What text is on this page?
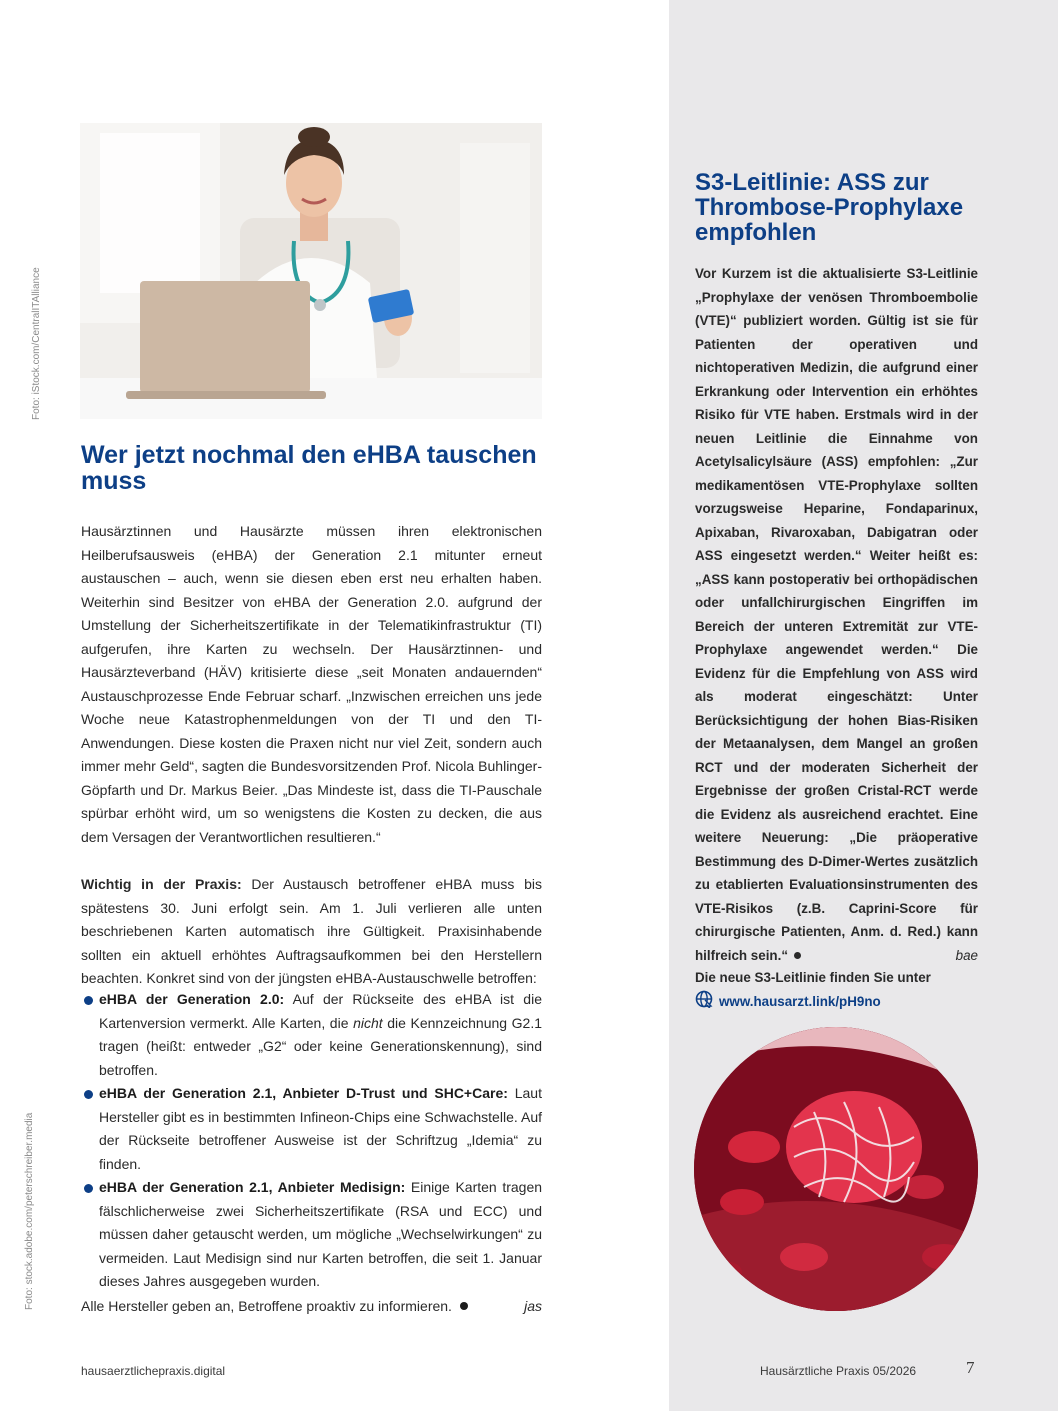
Foto: iStock.com/CentralITAlliance
Foto: stock.adobe.com/peterschreiber.media
Wer jetzt nochmal den eHBA tauschen muss

Hausärztinnen und Hausärzte müssen ihren elektronischen Heilberufsausweis (eHBA) der Generation 2.1 mitunter erneut austauschen – auch, wenn sie diesen eben erst neu erhalten haben. Weiterhin sind Besitzer von eHBA der Generation 2.0. aufgrund der Umstellung der Sicherheitszertifikate in der Telematikinfrastruktur (TI) aufgerufen, ihre Karten zu wechseln. Der Hausärztinnen- und Hausärzteverband (HÄV) kritisierte diese „seit Monaten andauernden“ Austauschprozesse Ende Februar scharf. „Inzwischen erreichen uns jede Woche neue Katastrophenmeldungen von der TI und den TI-Anwendungen. Diese kosten die Praxen nicht nur viel Zeit, sondern auch immer mehr Geld“, sagten die Bundesvorsitzenden Prof. Nicola Buhlinger-Göpfarth und Dr. Markus Beier. „Das Mindeste ist, dass die TI-Pauschale spürbar erhöht wird, um so wenigstens die Kosten zu decken, die aus dem Versagen der Verantwortlichen resultieren.“

Wichtig in der Praxis: Der Austausch betroffener eHBA muss bis spätestens 30. Juni erfolgt sein. Am 1. Juli verlieren alle unten beschriebenen Karten automatisch ihre Gültigkeit. Praxisinhabende sollten ein aktuell erhöhtes Auftragsaufkommen bei den Herstellern beachten. Konkret sind von der jüngsten eHBA-Austauschwelle betroffen:

eHBA der Generation 2.0: Auf der Rückseite des eHBA ist die Kartenversion vermerkt. Alle Karten, die nicht die Kennzeichnung G2.1 tragen (heißt: entweder „G2“ oder keine Generationskennung), sind betroffen.
eHBA der Generation 2.1, Anbieter D-Trust und SHC+Care: Laut Hersteller gibt es in bestimmten Infineon-Chips eine Schwachstelle. Auf der Rückseite betroffener Ausweise ist der Schriftzug „Idemia“ zu finden.
eHBA der Generation 2.1, Anbieter Medisign: Einige Karten tragen fälschlicherweise zwei Sicherheitszertifikate (RSA und ECC) und müssen daher getauscht werden, um mögliche „Wechselwirkungen“ zu vermeiden. Laut Medisign sind nur Karten betroffen, die seit 1. Januar dieses Jahres ausgegeben wurden.

Alle Hersteller geben an, Betroffene proaktiv zu informieren.	jas

S3-Leitlinie: ASS zur Thrombose-Prophylaxe empfohlen

Vor Kurzem ist die aktualisierte S3-Leitlinie „Prophylaxe der venösen Thromboembolie (VTE)“ publiziert worden. Gültig ist sie für Patienten der operativen und nichtoperativen Medizin, die aufgrund einer Erkrankung oder Intervention ein erhöhtes Risiko für VTE haben. Erstmals wird in der neuen Leitlinie die Einnahme von Acetylsalicylsäure (ASS) empfohlen: „Zur medikamentösen VTE-Prophylaxe sollten vorzugsweise Heparine, Fondaparinux, Apixaban, Rivaroxaban, Dabigatran oder ASS eingesetzt werden.“ Weiter heißt es: „ASS kann postoperativ bei orthopädischen oder unfallchirurgischen Eingriffen im Bereich der unteren Extremität zur VTE-Prophylaxe angewendet werden.“ Die Evidenz für die Empfehlung von ASS wird als moderat eingeschätzt: Unter Berücksichtigung der hohen Bias-Risiken der Metaanalysen, dem Mangel an großen RCT und der moderaten Sicherheit der Ergebnisse der großen Cristal-RCT werde die Evidenz als ausreichend erachtet. Eine weitere Neuerung: „Die präoperative Bestimmung des D-Dimer-Wertes zusätzlich zu etablierten Evaluationsinstrumenten des VTE-Risikos (z.B. Caprini-Score für chirurgische Patienten, Anm. d. Red.) kann hilfreich sein.“	bae

Die neue S3-Leitlinie finden Sie unter
www.hausarzt.link/pH9no
hausaerztlichepraxis.digital	Hausärztliche Praxis 05/2026	7
